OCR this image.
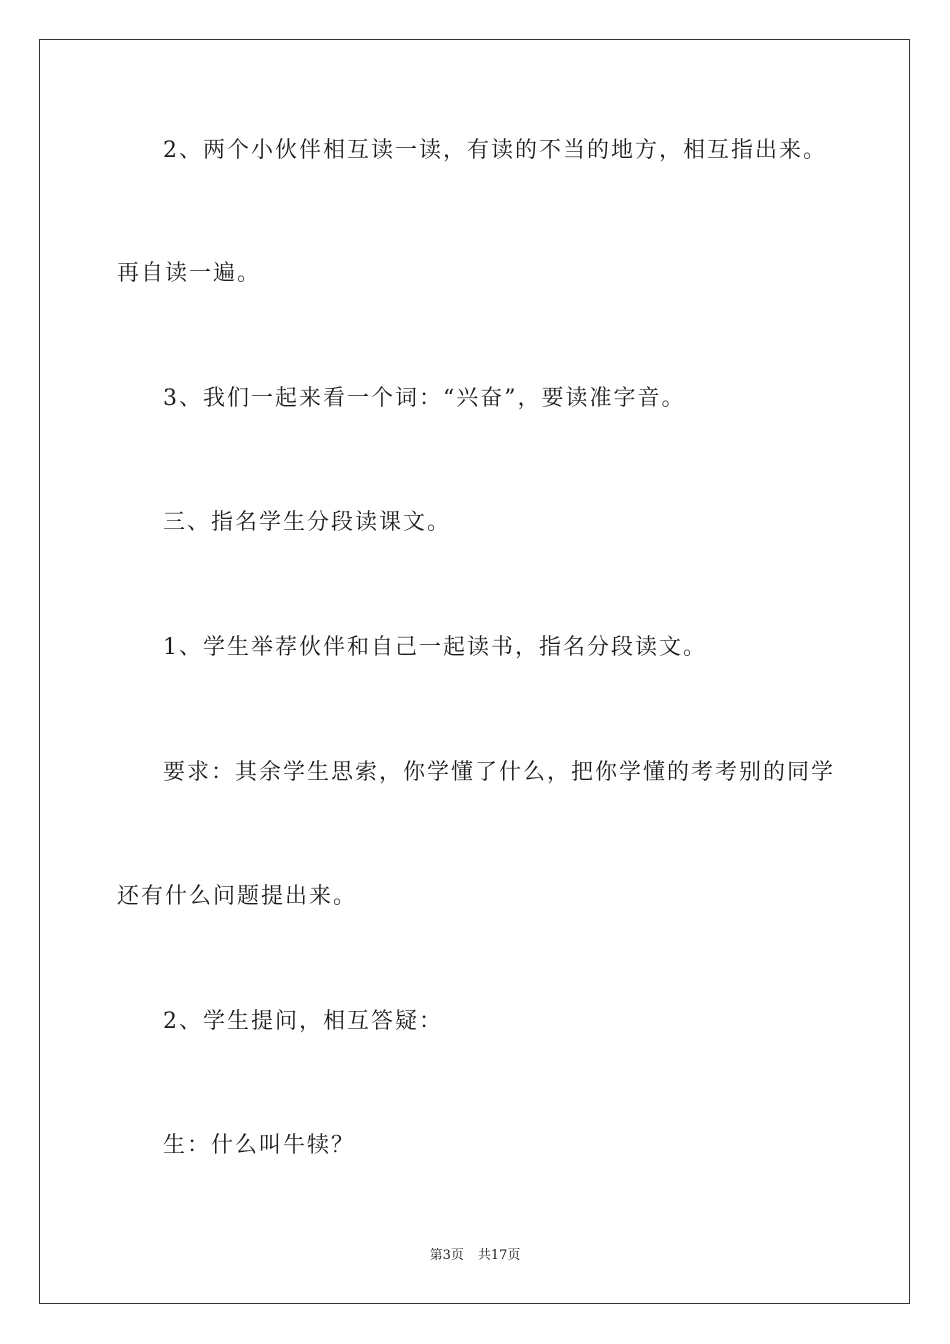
2、两个小伙伴相互读一读，有读的不当的地方，相互指出来。
再自读一遍。
3、我们一起来看一个词：“兴奋”，要读准字音。
三、指名学生分段读课文。
1、学生举荐伙伴和自己一起读书，指名分段读文。
要求：其余学生思索，你学懂了什么，把你学懂的考考别的同学
还有什么问题提出来。
2、学生提问，相互答疑：
生：什么叫牛犊？
第3页 共17页
